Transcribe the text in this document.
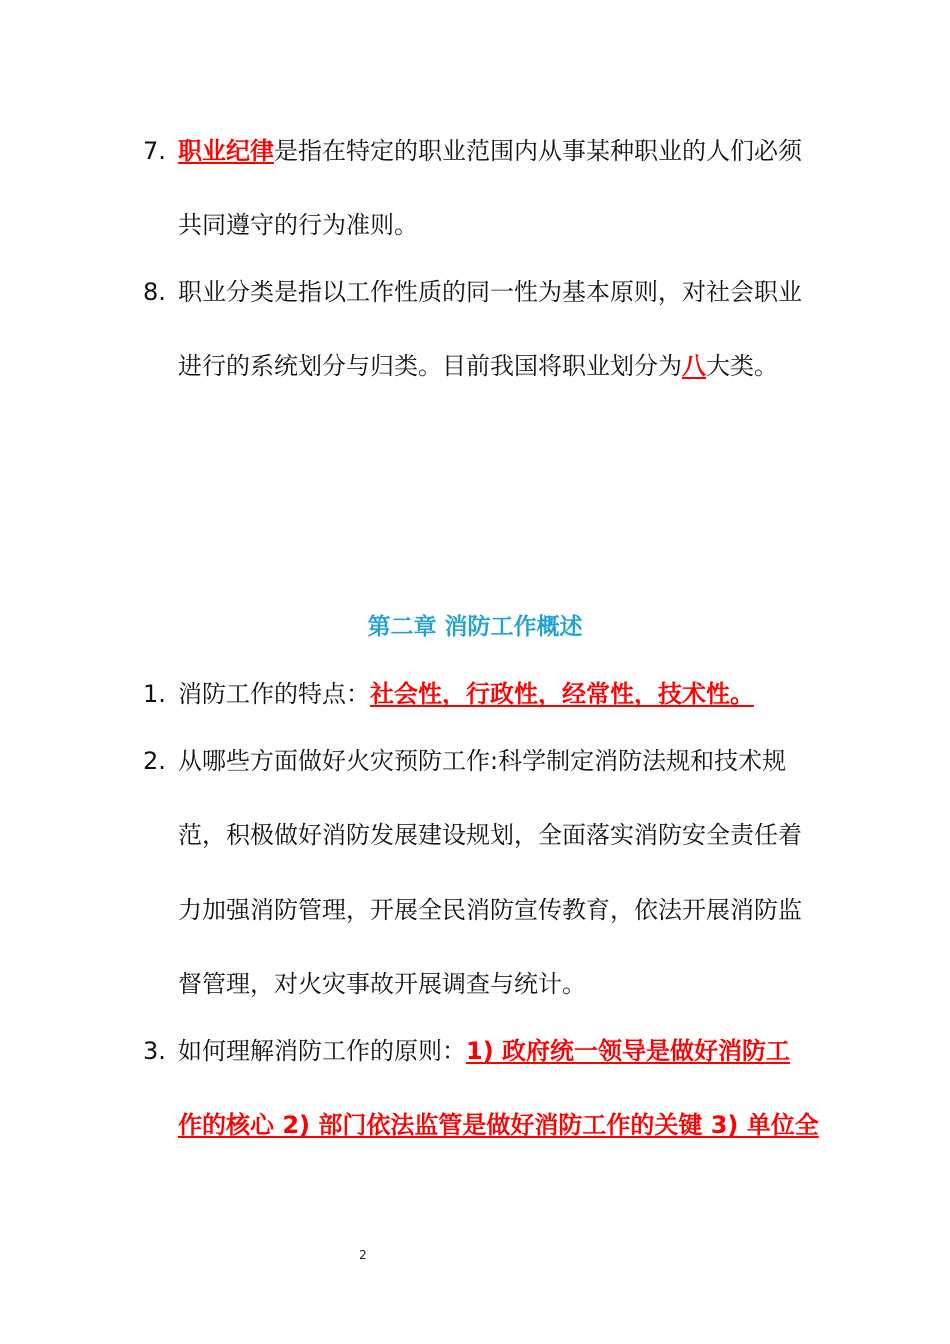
7. 职业纪律是指在特定的职业范围内从事某种职业的人们必须
共同遵守的行为准则。
8. 职业分类是指以工作性质的同一性为基本原则，对社会职业
进行的系统划分与归类。目前我国将职业划分为八大类。
第二章 消防工作概述
1. 消防工作的特点：社会性，行政性，经常性，技术性。
2. 从哪些方面做好火灾预防工作:科学制定消防法规和技术规
范，积极做好消防发展建设规划，全面落实消防安全责任着
力加强消防管理，开展全民消防宣传教育，依法开展消防监
督管理，对火灾事故开展调查与统计。
3. 如何理解消防工作的原则：1) 政府统一领导是做好消防工
作的核心 2) 部门依法监管是做好消防工作的关键 3) 单位全
2
